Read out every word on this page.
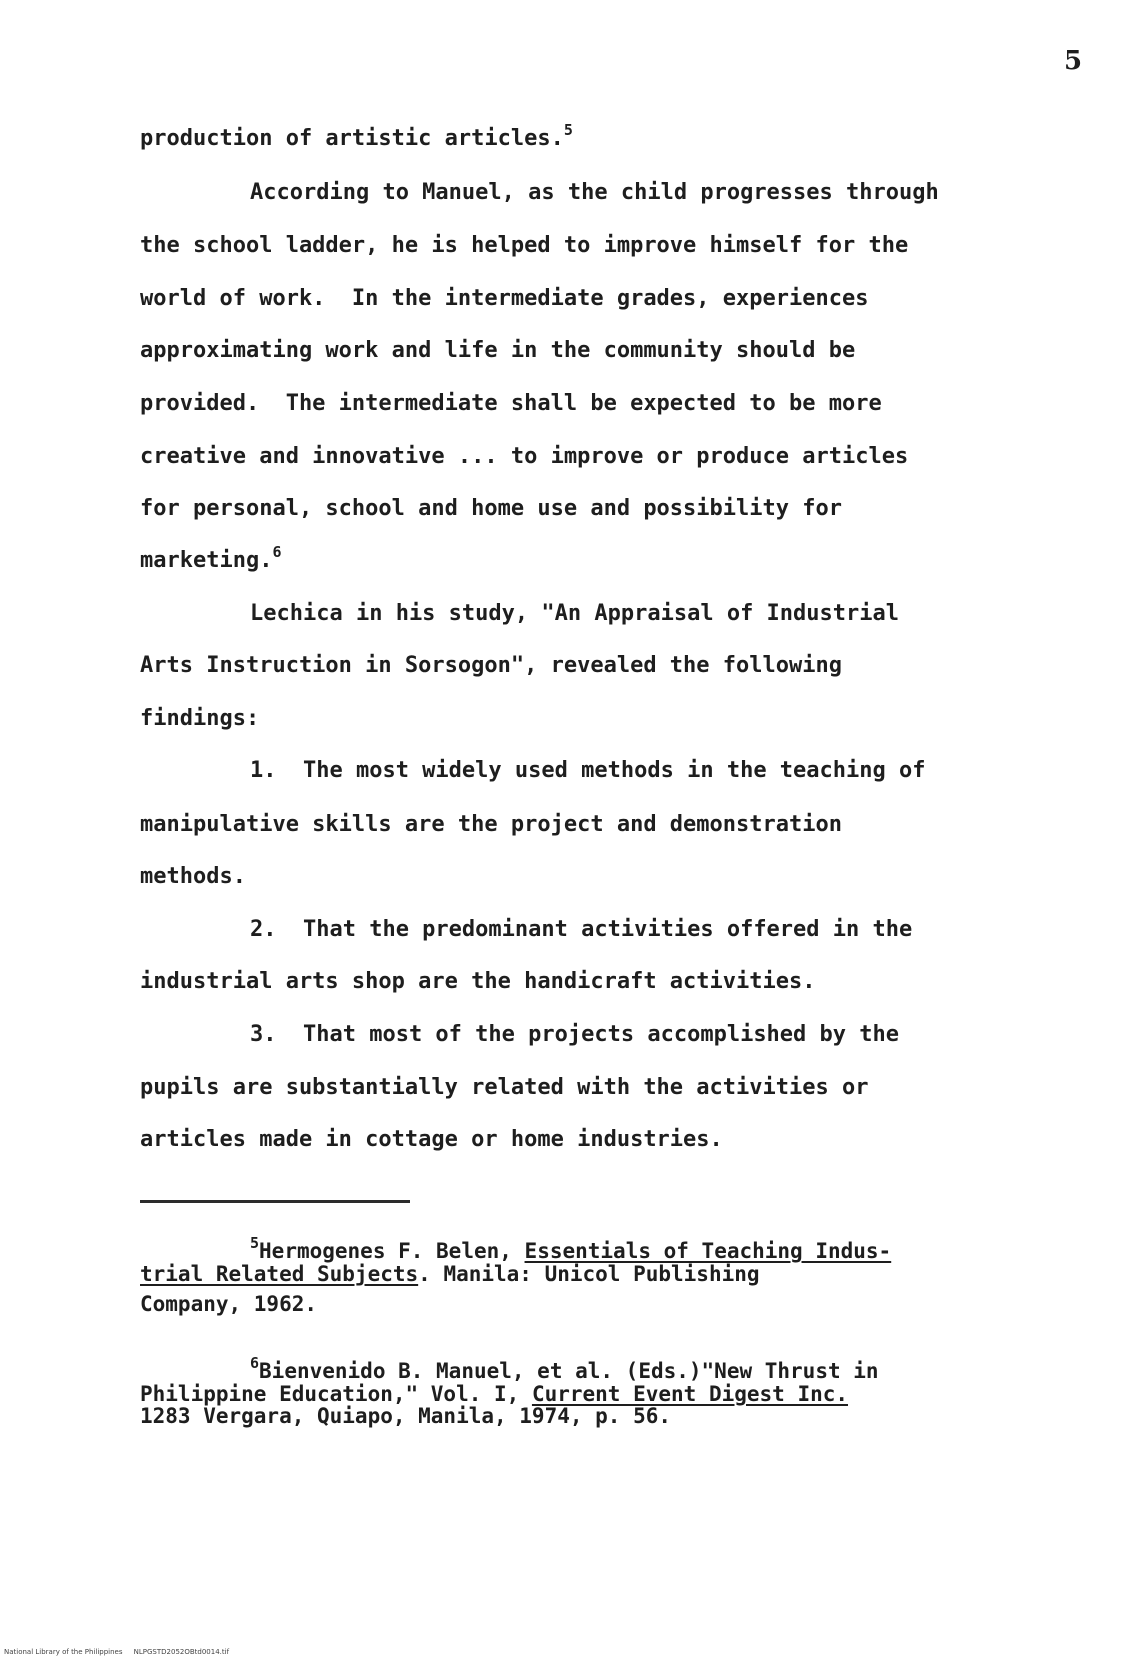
5
production of artistic articles.$^5$
According to Manuel, as the child progresses through
the school ladder, he is helped to improve himself for the
world of work.  In the intermediate grades, experiences
approximating work and life in the community should be
provided.  The intermediate shall be expected to be more
creative and innovative ... to improve or produce articles
for personal, school and home use and possibility for
marketing.$^6$
Lechica in his study, "An Appraisal of Industrial
Arts Instruction in Sorsogon", revealed the following
findings:
1.  The most widely used methods in the teaching of
manipulative skills are the project and demonstration
methods.
2.  That the predominant activities offered in the
industrial arts shop are the handicraft activities.
3.  That most of the projects accomplished by the
pupils are substantially related with the activities or
articles made in cottage or home industries.
$^5$Hermogenes F. Belen, Essentials of Teaching Indus-
trial Related Subjects. Manila: Unicol Publishing
Company, 1962.
$^6$Bienvenido B. Manuel, et al. (Eds.)"New Thrust in
Philippine Education," Vol. I, Current Event Digest Inc.
1283 Vergara, Quiapo, Manila, 1974, p. 56.
National Library of the Philippines NLPGSTD2052OBtd0014.tif
